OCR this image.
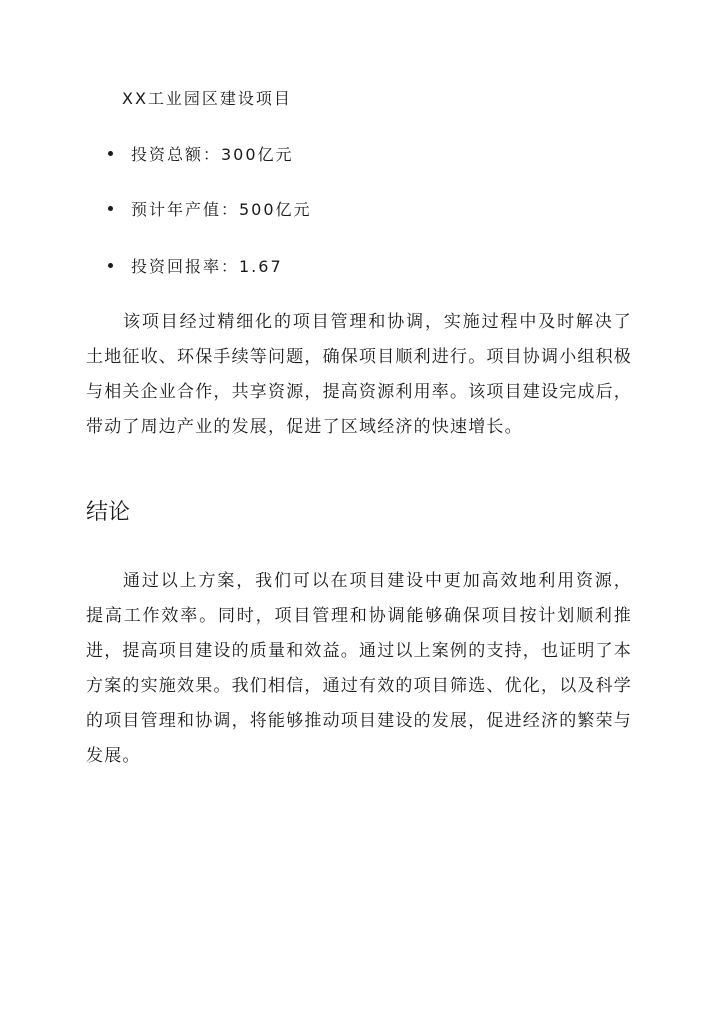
XX工业园区建设项目
投资总额：300亿元
预计年产值：500亿元
投资回报率：1.67

该项目经过精细化的项目管理和协调，实施过程中及时解决了土地征收、环保手续等问题，确保项目顺利进行。项目协调小组积极与相关企业合作，共享资源，提高资源利用率。该项目建设完成后，带动了周边产业的发展，促进了区域经济的快速增长。

结论

通过以上方案，我们可以在项目建设中更加高效地利用资源，提高工作效率。同时，项目管理和协调能够确保项目按计划顺利推进，提高项目建设的质量和效益。通过以上案例的支持，也证明了本方案的实施效果。我们相信，通过有效的项目筛选、优化，以及科学的项目管理和协调，将能够推动项目建设的发展，促进经济的繁荣与发展。
